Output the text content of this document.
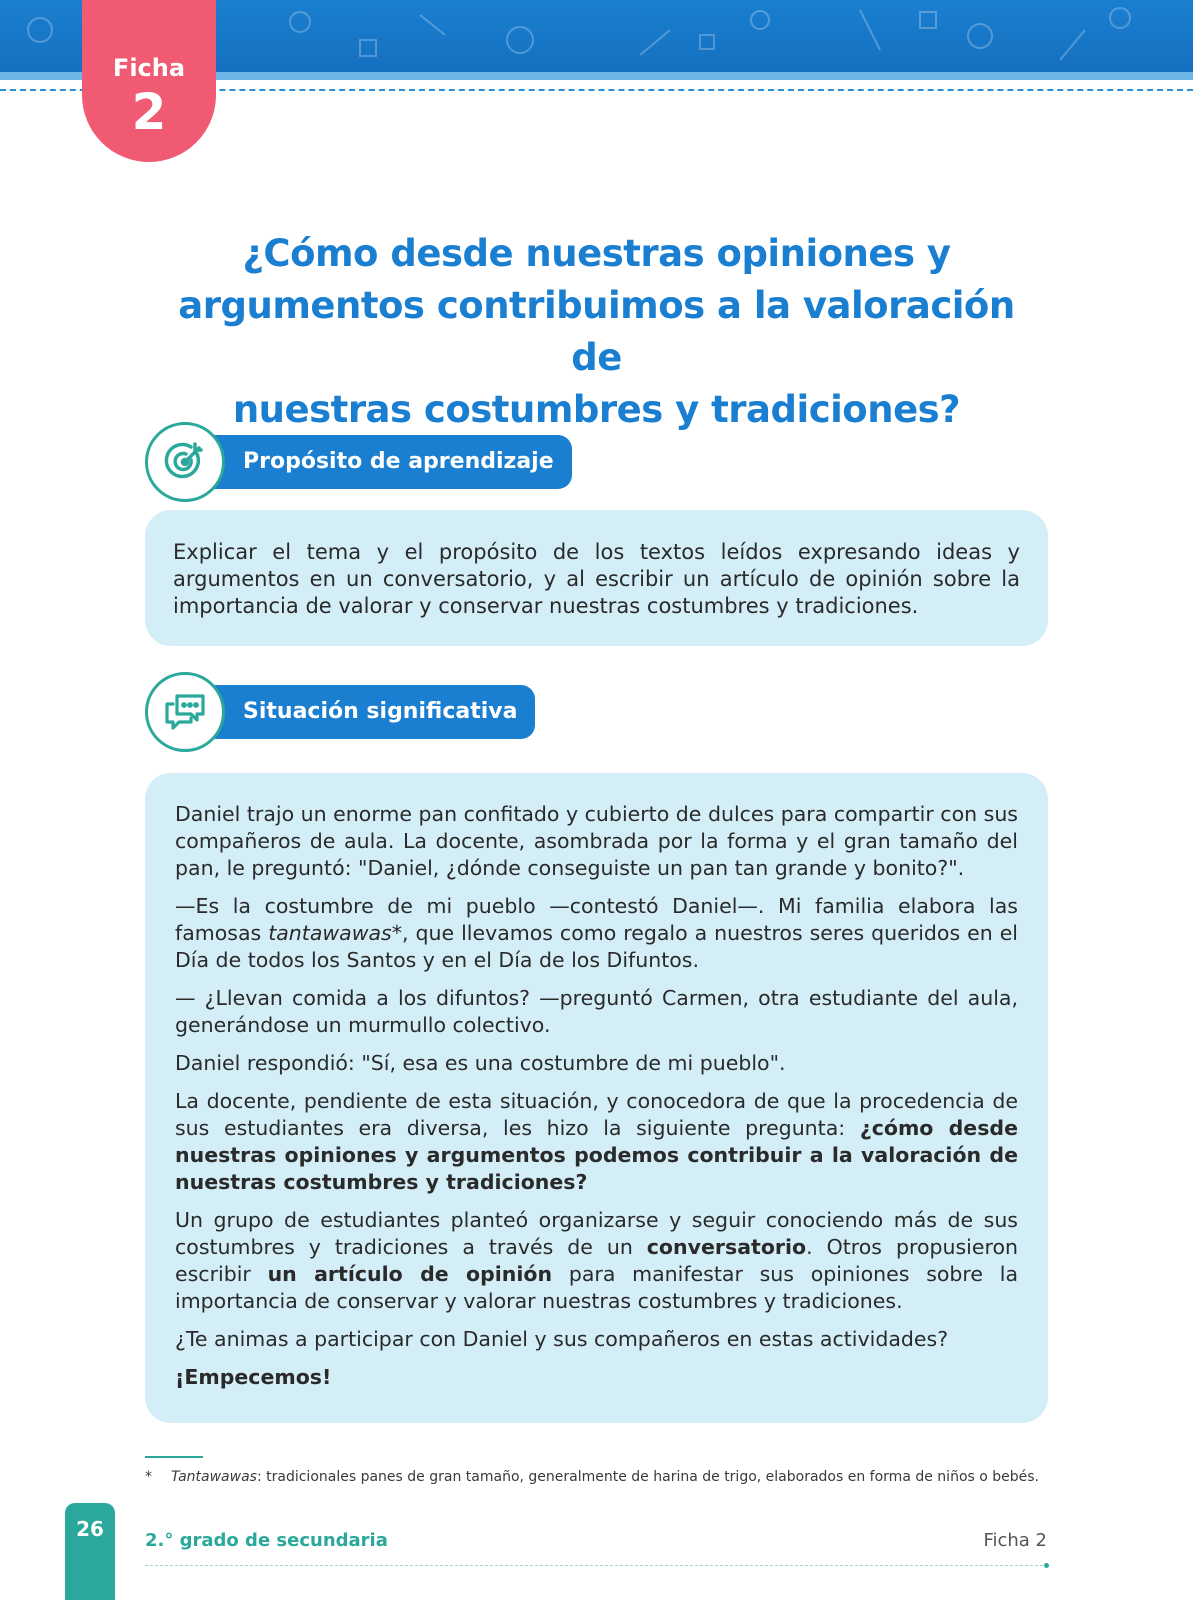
Ficha
2
¿Cómo desde nuestras opiniones y
argumentos contribuimos a la valoración de
nuestras costumbres y tradiciones?
Propósito de aprendizaje

Explicar el tema y el propósito de los textos leídos expresando ideas y argumentos en un conversatorio, y al escribir un artículo de opinión sobre la importancia de valorar y conservar nuestras costumbres y tradiciones.

Situación significativa

Daniel trajo un enorme pan confitado y cubierto de dulces para compartir con sus compañeros de aula. La docente, asombrada por la forma y el gran tamaño del pan, le preguntó: "Daniel, ¿dónde conseguiste un pan tan grande y bonito?".

—Es la costumbre de mi pueblo —contestó Daniel—. Mi familia elabora las famosas tantawawas*, que llevamos como regalo a nuestros seres queridos en el Día de todos los Santos y en el Día de los Difuntos.

— ¿Llevan comida a los difuntos? —preguntó Carmen, otra estudiante del aula, generándose un murmullo colectivo.

Daniel respondió: "Sí, esa es una costumbre de mi pueblo".

La docente, pendiente de esta situación, y conocedora de que la procedencia de sus estudiantes era diversa, les hizo la siguiente pregunta: ¿cómo desde nuestras opiniones y argumentos podemos contribuir a la valoración de nuestras costumbres y tradiciones?

Un grupo de estudiantes planteó organizarse y seguir conociendo más de sus costumbres y tradiciones a través de un conversatorio. Otros propusieron escribir un artículo de opinión para manifestar sus opiniones sobre la importancia de conservar y valorar nuestras costumbres y tradiciones.

¿Te animas a participar con Daniel y sus compañeros en estas actividades?

¡Empecemos!

* Tantawawas: tradicionales panes de gran tamaño, generalmente de harina de trigo, elaborados en forma de niños o bebés.
26	2.° grado de secundaria	Ficha 2
